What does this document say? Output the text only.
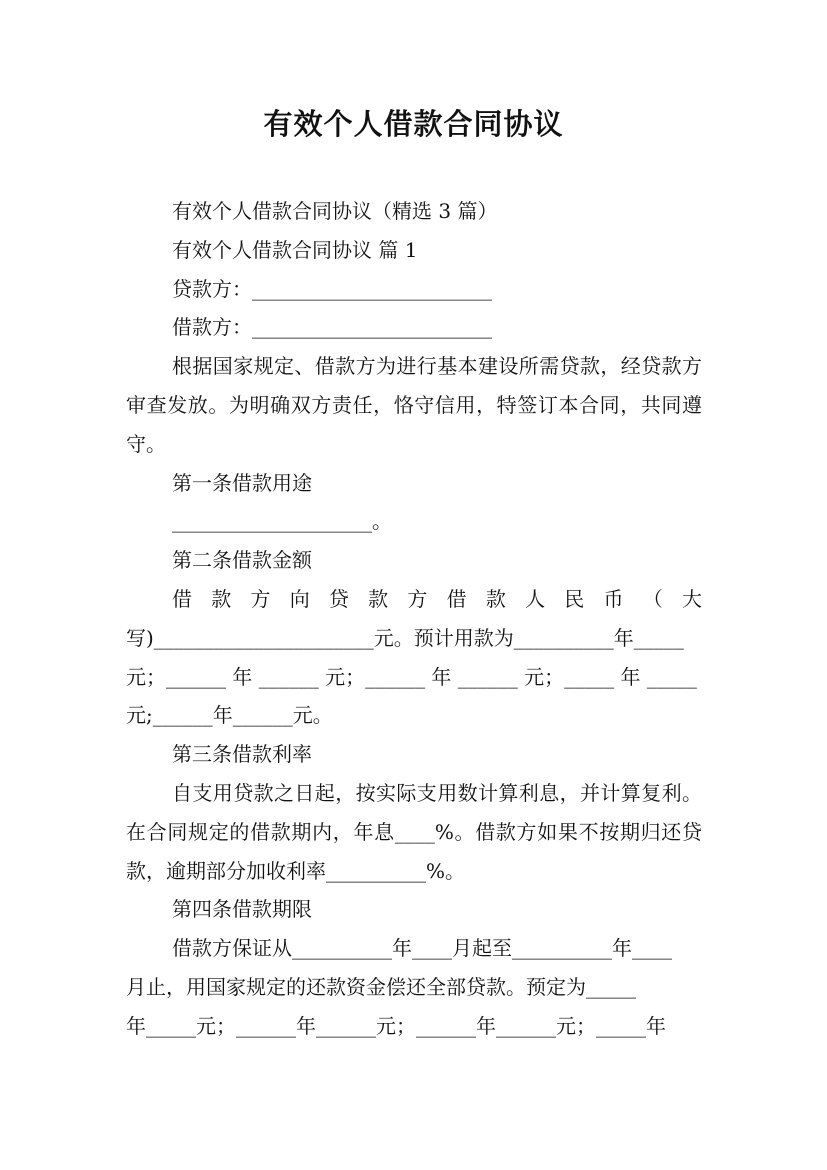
有效个人借款合同协议

有效个人借款合同协议（精选 3 篇）

有效个人借款合同协议 篇 1

贷款方：________________________

借款方：________________________

根据国家规定、借款方为进行基本建设所需贷款，经贷款方审查发放。为明确双方责任，恪守信用，特签订本合同，共同遵守。

第一条借款用途

____________________。

第二条借款金额

借 款 方 向 贷 款 方 借 款 人 民 币 （ 大

写)______________________元。预计用款为__________年_____

元；______ 年 ______ 元；______ 年 ______ 元；_____ 年 _____

元;______年______元。

第三条借款利率

自支用贷款之日起，按实际支用数计算利息，并计算复利。在合同规定的借款期内，年息____%。借款方如果不按期归还贷款，逾期部分加收利率__________%。

第四条借款期限

借款方保证从__________年____月起至__________年____

月止，用国家规定的还款资金偿还全部贷款。预定为_____

年_____元；______年______元；______年______元；_____年
